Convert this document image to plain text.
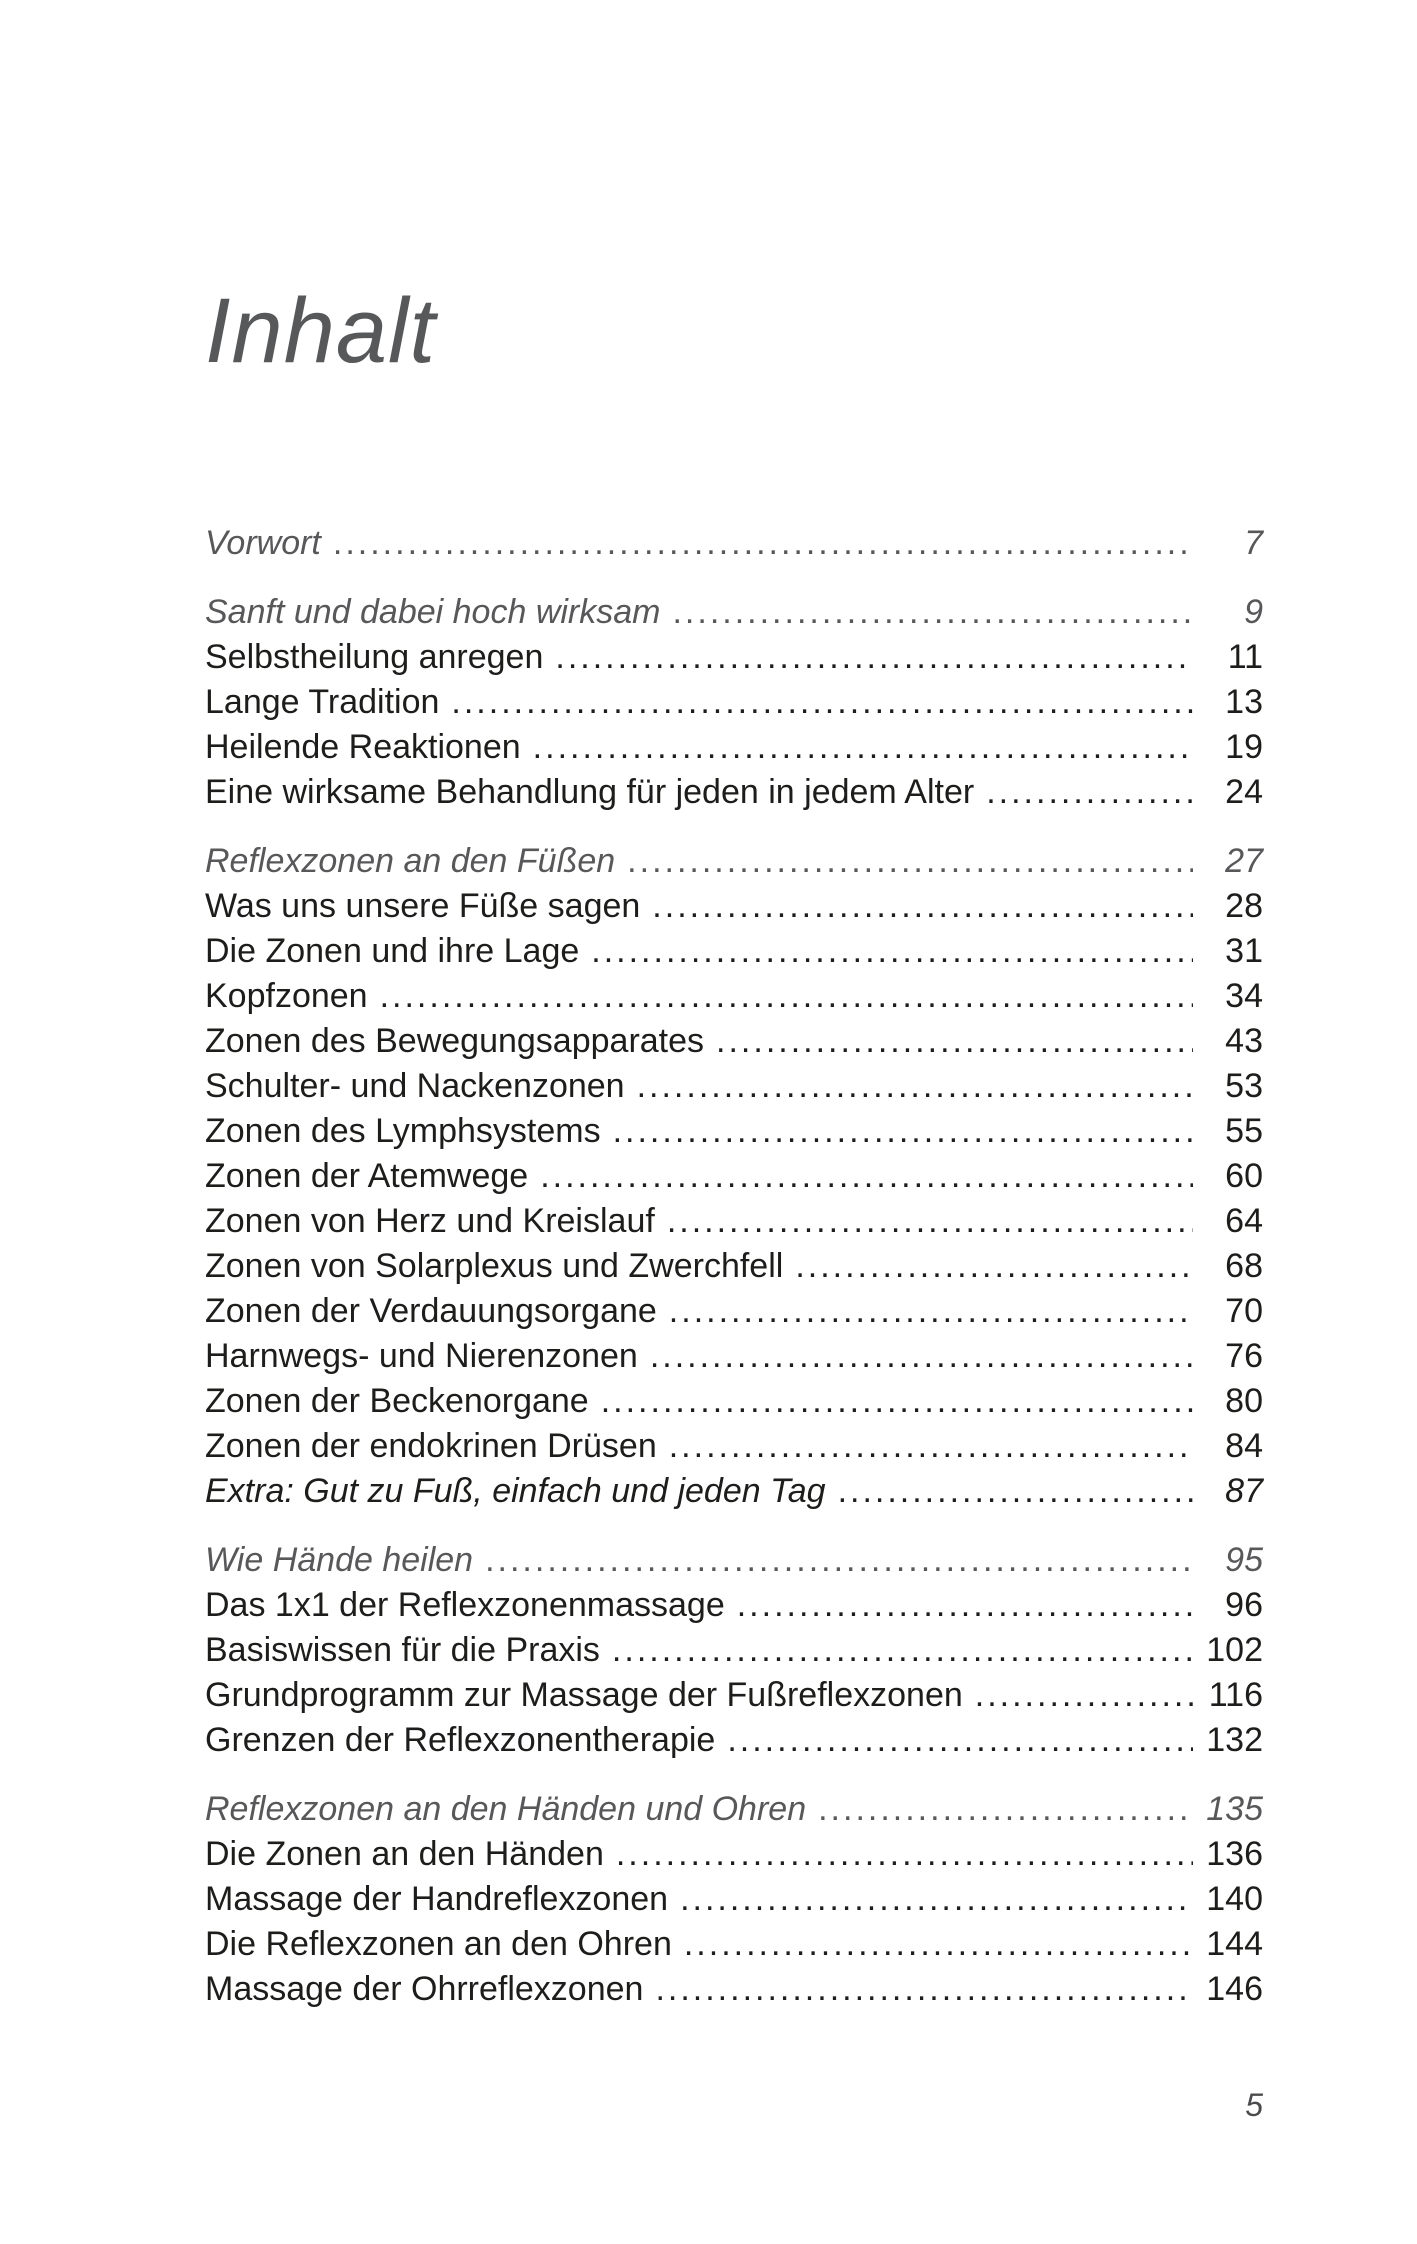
Inhalt
Vorwort .....	7
Sanft und dabei hoch wirksam .....	9
Selbstheilung anregen .....	11
Lange Tradition .....	13
Heilende Reaktionen .....	19
Eine wirksame Behandlung für jeden in jedem Alter .....	24
Reflexzonen an den Füßen .....	27
Was uns unsere Füße sagen .....	28
Die Zonen und ihre Lage .....	31
Kopfzonen .....	34
Zonen des Bewegungsapparates .....	43
Schulter- und Nackenzonen .....	53
Zonen des Lymphsystems .....	55
Zonen der Atemwege .....	60
Zonen von Herz und Kreislauf .....	64
Zonen von Solarplexus und Zwerchfell .....	68
Zonen der Verdauungsorgane .....	70
Harnwegs- und Nierenzonen .....	76
Zonen der Beckenorgane .....	80
Zonen der endokrinen Drüsen .....	84
Extra: Gut zu Fuß, einfach und jeden Tag .....	87
Wie Hände heilen .....	95
Das 1x1 der Reflexzonenmassage .....	96
Basiswissen für die Praxis .....	102
Grundprogramm zur Massage der Fußreflexzonen .....	116
Grenzen der Reflexzonentherapie .....	132
Reflexzonen an den Händen und Ohren .....	135
Die Zonen an den Händen .....	136
Massage der Handreflexzonen .....	140
Die Reflexzonen an den Ohren .....	144
Massage der Ohrreflexzonen .....	146
5
